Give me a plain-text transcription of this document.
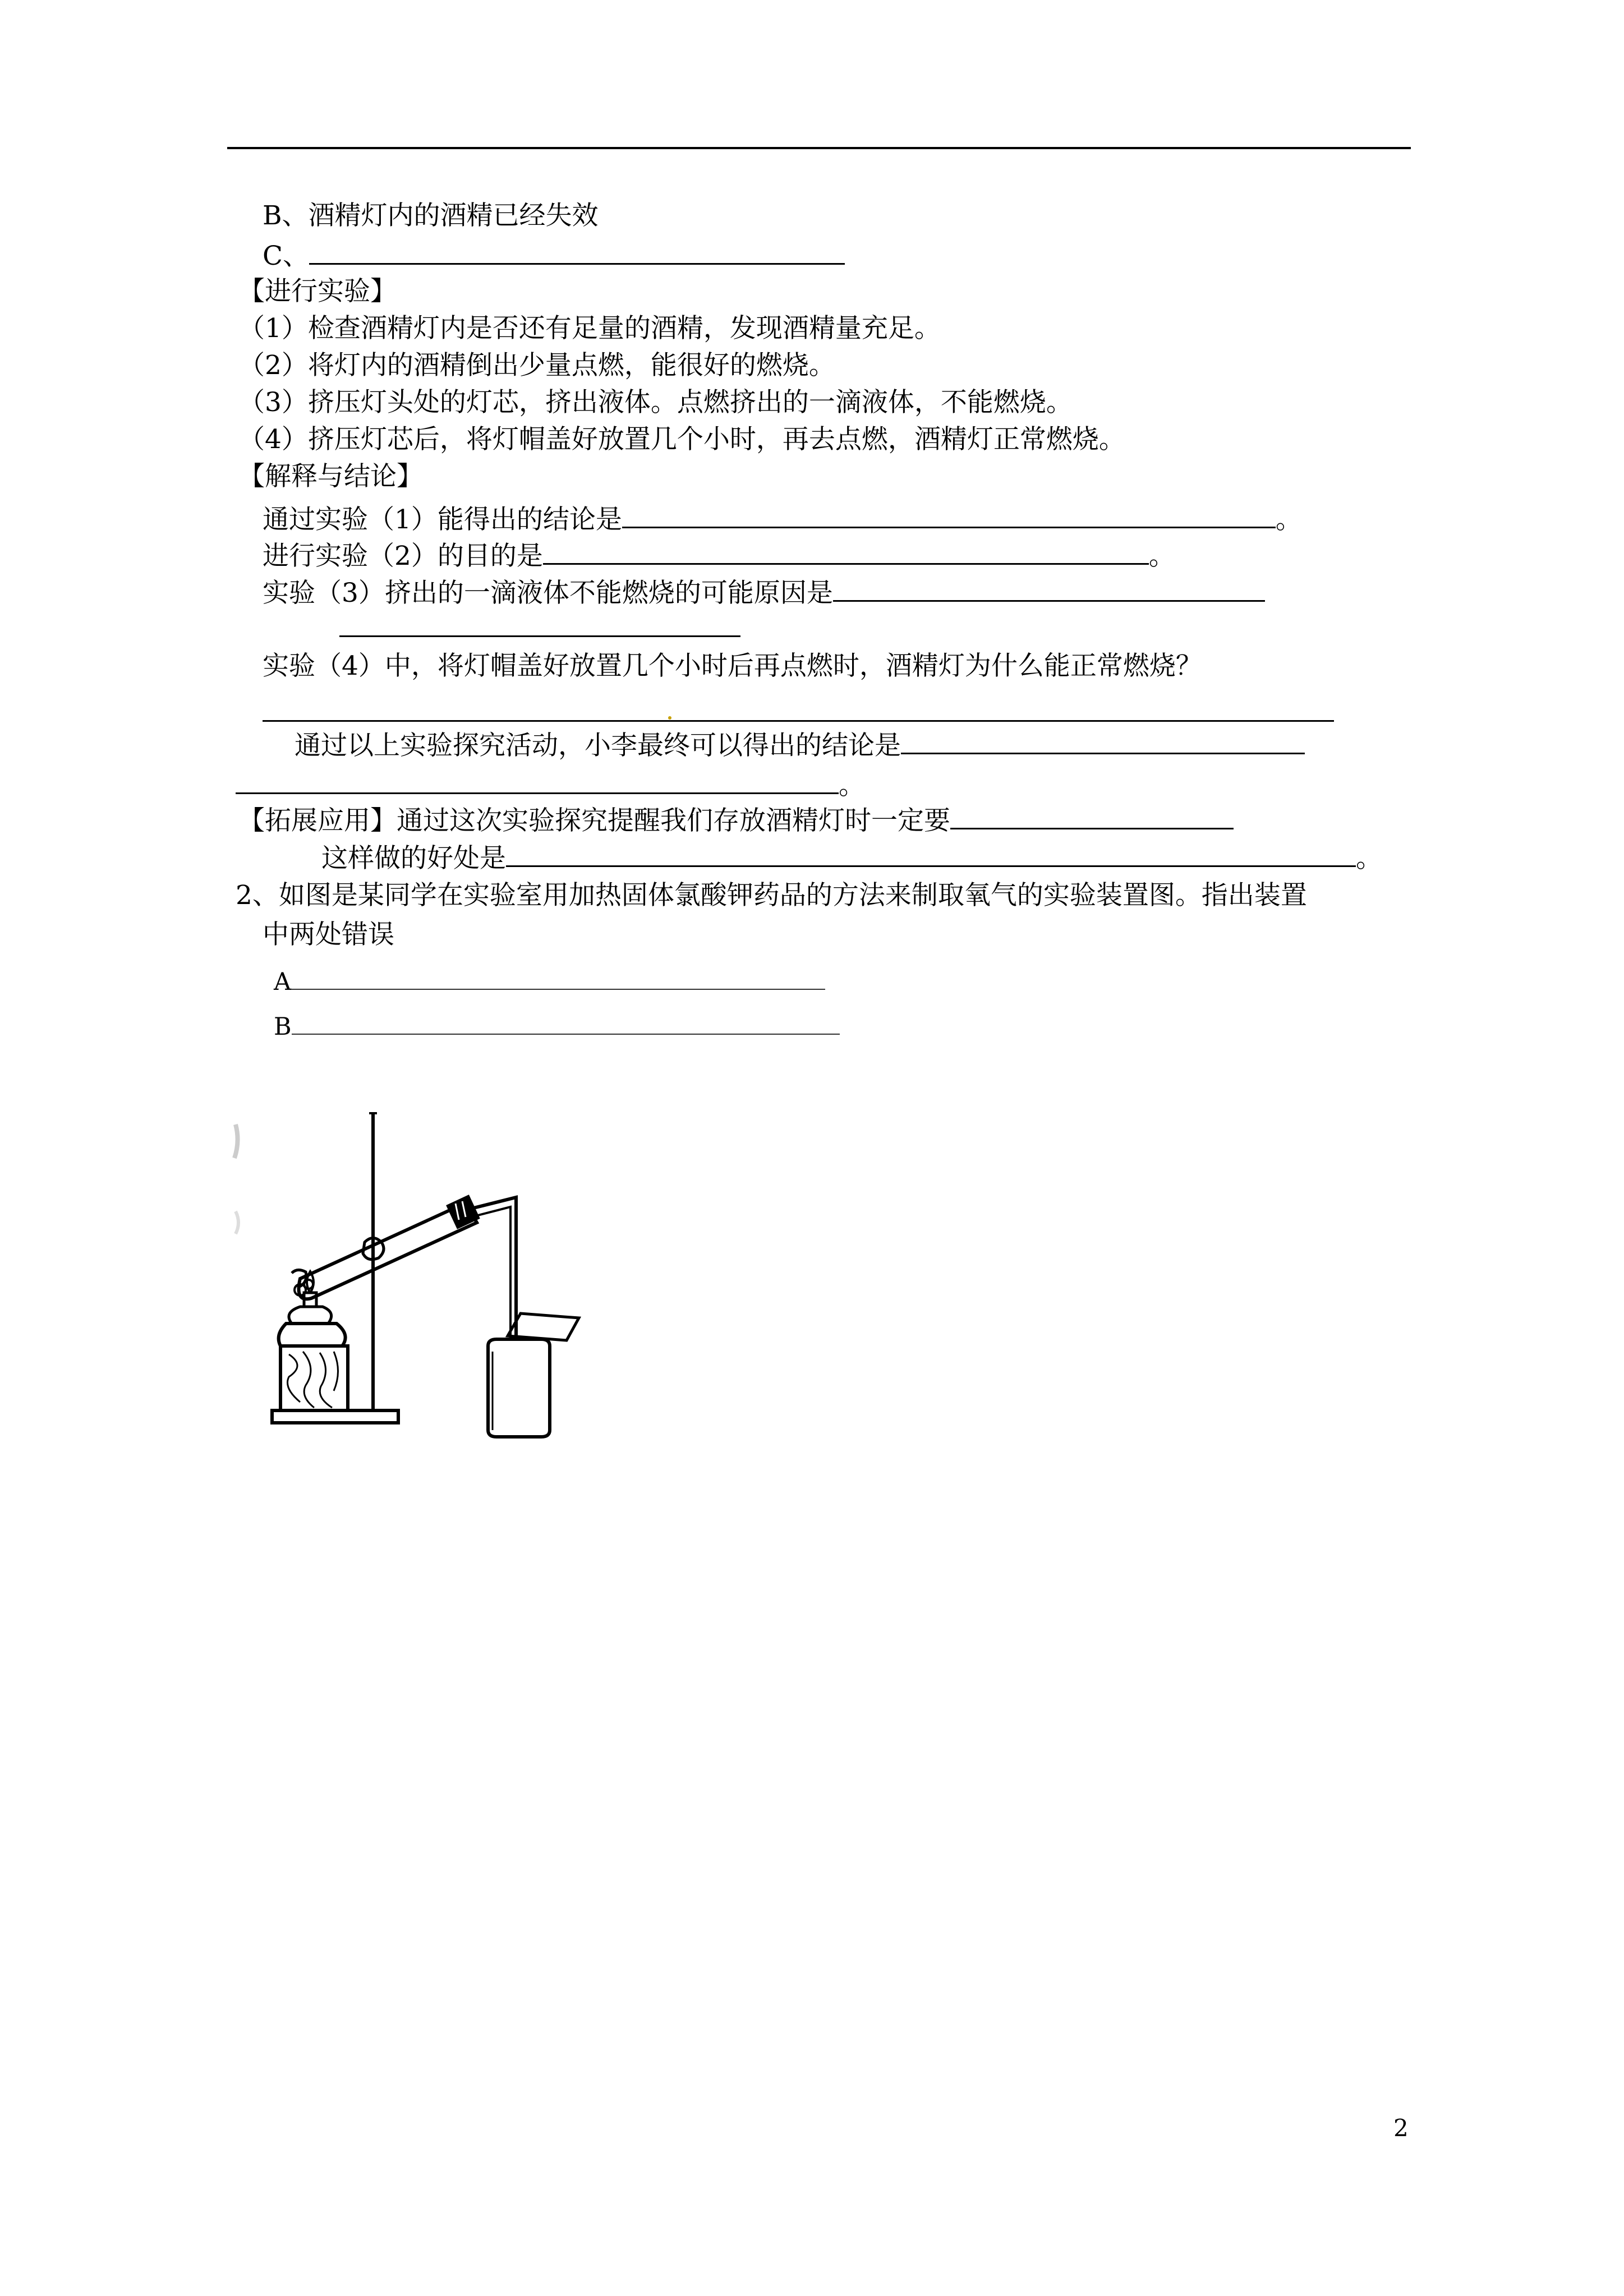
B、酒精灯内的酒精已经失效
C、
【进行实验】
（1）检查酒精灯内是否还有足量的酒精，发现酒精量充足。
（2）将灯内的酒精倒出少量点燃，能很好的燃烧。
（3）挤压灯头处的灯芯，挤出液体。点燃挤出的一滴液体，不能燃烧。
（4）挤压灯芯后，将灯帽盖好放置几个小时，再去点燃，酒精灯正常燃烧。
【解释与结论】
通过实验（1）能得出的结论是	。
进行实验（2）的目的是	。
实验（3）挤出的一滴液体不能燃烧的可能原因是
实验（4）中，将灯帽盖好放置几个小时后再点燃时，酒精灯为什么能正常燃烧？
通过以上实验探究活动，小李最终可以得出的结论是
。
【拓展应用】通过这次实验探究提醒我们存放酒精灯时一定要
这样做的好处是	。
2、如图是某同学在实验室用加热固体氯酸钾药品的方法来制取氧气的实验装置图。指出装置
中两处错误
A
B
2
